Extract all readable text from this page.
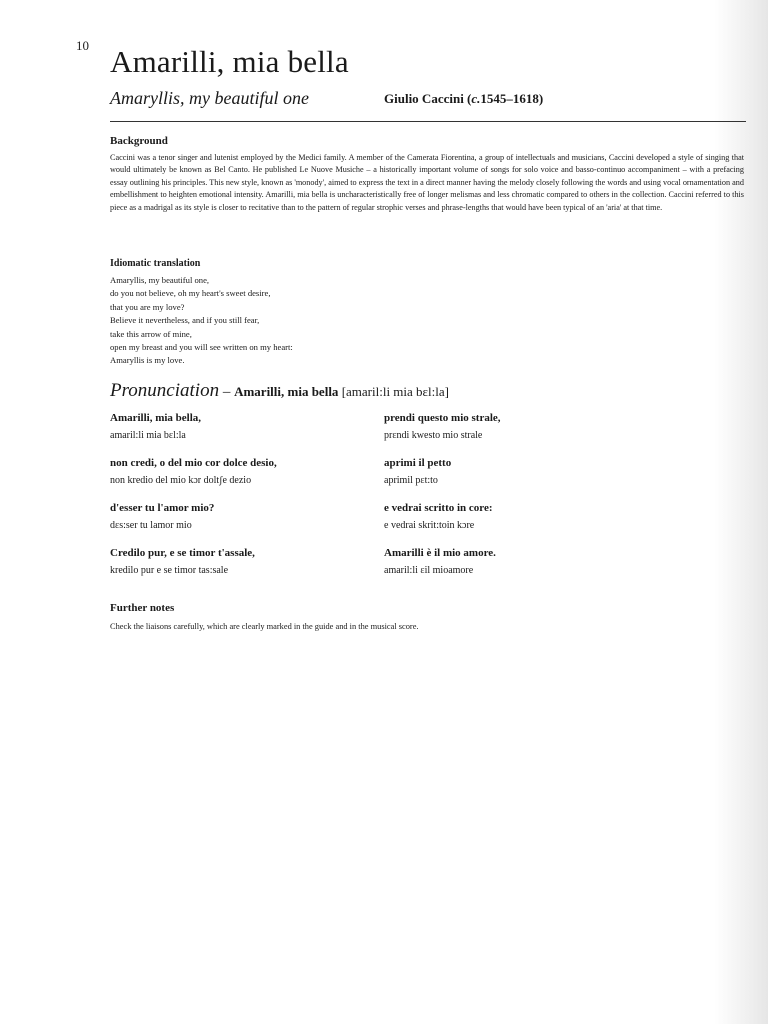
10 Amarilli, mia bella
Amaryllis, my beautiful one	Giulio Caccini (c.1545–1618)
Background

Caccini was a tenor singer and lutenist employed by the Medici family. A member of the Camerata Fiorentina, a group of intellectuals and musicians, Caccini developed a style of singing that would ultimately be known as Bel Canto. He published Le Nuove Musiche – a historically important volume of songs for solo voice and basso-continuo accompaniment – with a prefacing essay outlining his principles. This new style, known as 'monody', aimed to express the text in a direct manner having the melody closely following the words and using vocal ornamentation and embellishment to heighten emotional intensity. Amarilli, mia bella is uncharacteristically free of longer melismas and less chromatic compared to others in the collection. Caccini referred to this piece as a madrigal as its style is closer to recitative than to the pattern of regular strophic verses and phrase-lengths that would have been typical of an 'aria' at that time.

Idiomatic translation
Amaryllis, my beautiful one,
do you not believe, oh my heart's sweet desire,
that you are my love?
Believe it nevertheless, and if you still fear,
take this arrow of mine,
open my breast and you will see written on my heart:
Amaryllis is my love.
Pronunciation – Amarilli, mia bella [amaril:li mia bɛl:la]
Amarilli, mia bella,
amaril:li mia bɛl:la
non credi, o del mio cor dolce desio,
non kredio del mio kɔr doltʃe dezio
d'esser tu l'amor mio?
dɛs:ser tu lamor mio
Credilo pur, e se timor t'assale,
kredilo pur e se timor tas:sale
prendi questo mio strale,
prɛndi kwesto mio strale
aprimi il petto
aprimil pɛt:to
e vedrai scritto in core:
e vedrai skrit:toin kɔre
Amarilli è il mio amore.
amaril:li ɛil mioamore
Further notes
Check the liaisons carefully, which are clearly marked in the guide and in the musical score.
